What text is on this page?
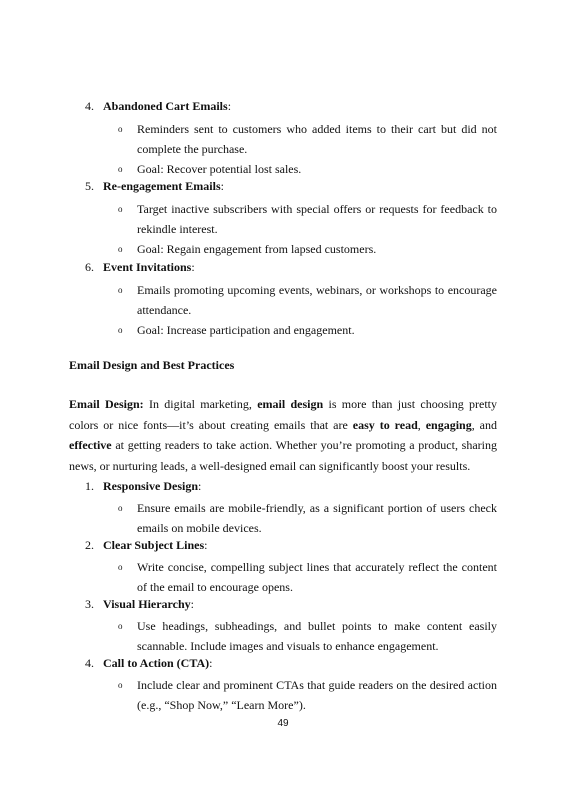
4. Abandoned Cart Emails:
o Reminders sent to customers who added items to their cart but did not complete the purchase.
o Goal: Recover potential lost sales.
5. Re-engagement Emails:
o Target inactive subscribers with special offers or requests for feedback to rekindle interest.
o Goal: Regain engagement from lapsed customers.
6. Event Invitations:
o Emails promoting upcoming events, webinars, or workshops to encourage attendance.
o Goal: Increase participation and engagement.
Email Design and Best Practices
Email Design: In digital marketing, email design is more than just choosing pretty colors or nice fonts—it’s about creating emails that are easy to read, engaging, and effective at getting readers to take action. Whether you’re promoting a product, sharing news, or nurturing leads, a well-designed email can significantly boost your results.
1. Responsive Design:
o Ensure emails are mobile-friendly, as a significant portion of users check emails on mobile devices.
2. Clear Subject Lines:
o Write concise, compelling subject lines that accurately reflect the content of the email to encourage opens.
3. Visual Hierarchy:
o Use headings, subheadings, and bullet points to make content easily scannable. Include images and visuals to enhance engagement.
4. Call to Action (CTA):
o Include clear and prominent CTAs that guide readers on the desired action (e.g., “Shop Now,” “Learn More”).
49
